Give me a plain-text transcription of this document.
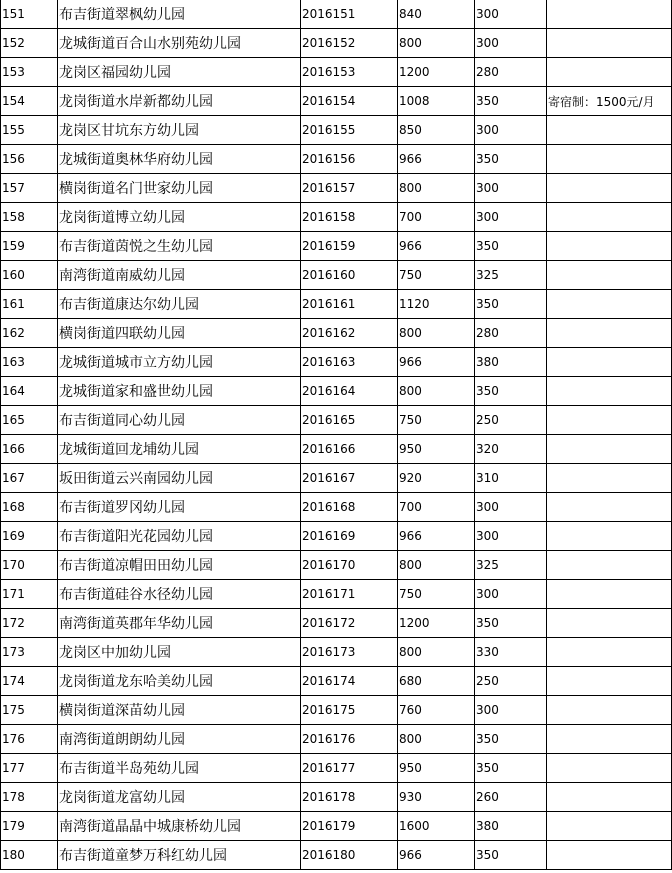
151	布吉街道翠枫幼儿园	2016151	840	300	
152	龙城街道百合山水别苑幼儿园	2016152	800	300	
153	龙岗区福园幼儿园	2016153	1200	280	
154	龙岗街道水岸新都幼儿园	2016154	1008	350	寄宿制：1500元/月
155	龙岗区甘坑东方幼儿园	2016155	850	300	
156	龙城街道奥林华府幼儿园	2016156	966	350	
157	横岗街道名门世家幼儿园	2016157	800	300	
158	龙岗街道博立幼儿园	2016158	700	300	
159	布吉街道茵悦之生幼儿园	2016159	966	350	
160	南湾街道南威幼儿园	2016160	750	325	
161	布吉街道康达尔幼儿园	2016161	1120	350	
162	横岗街道四联幼儿园	2016162	800	280	
163	龙城街道城市立方幼儿园	2016163	966	380	
164	龙城街道家和盛世幼儿园	2016164	800	350	
165	布吉街道同心幼儿园	2016165	750	250	
166	龙城街道回龙埔幼儿园	2016166	950	320	
167	坂田街道云兴南园幼儿园	2016167	920	310	
168	布吉街道罗冈幼儿园	2016168	700	300	
169	布吉街道阳光花园幼儿园	2016169	966	300	
170	布吉街道凉帽田田幼儿园	2016170	800	325	
171	布吉街道硅谷水径幼儿园	2016171	750	300	
172	南湾街道英郡年华幼儿园	2016172	1200	350	
173	龙岗区中加幼儿园	2016173	800	330	
174	龙岗街道龙东哈美幼儿园	2016174	680	250	
175	横岗街道深苗幼儿园	2016175	760	300	
176	南湾街道朗朗幼儿园	2016176	800	350	
177	布吉街道半岛苑幼儿园	2016177	950	350	
178	龙岗街道龙富幼儿园	2016178	930	260	
179	南湾街道晶晶中城康桥幼儿园	2016179	1600	380	
180	布吉街道童梦万科红幼儿园	2016180	966	350	
